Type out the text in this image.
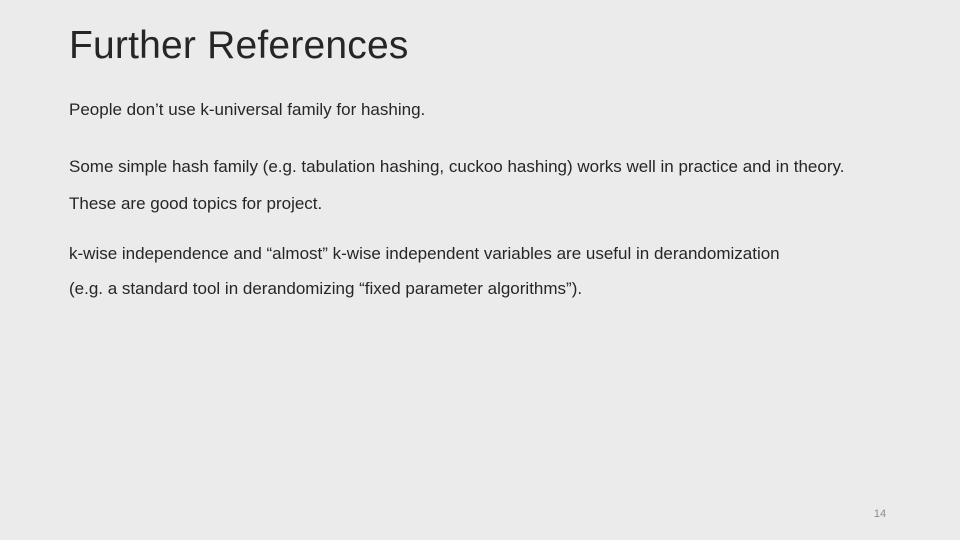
Further References

People don’t use k-universal family for hashing.

Some simple hash family (e.g. tabulation hashing, cuckoo hashing) works well in practice and in theory.

These are good topics for project.

k-wise independence and “almost” k-wise independent variables are useful in derandomization

(e.g. a standard tool in derandomizing “fixed parameter algorithms”).

14
